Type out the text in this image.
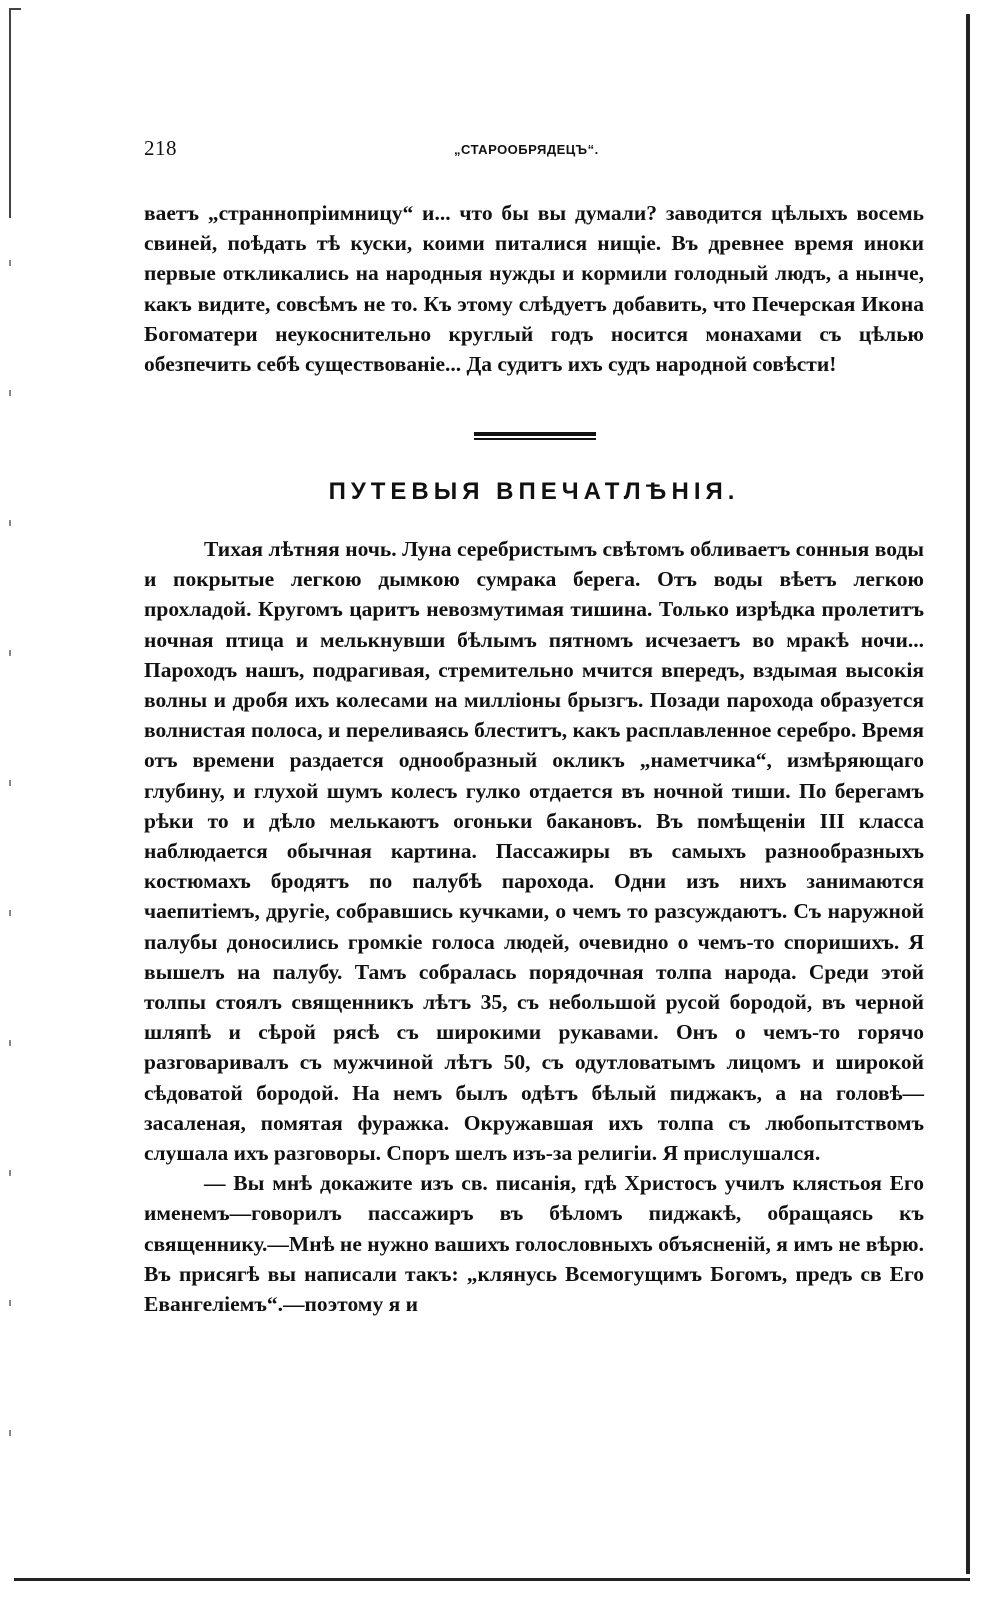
218	„СТАРООБРЯДЕЦЪ“.

ваетъ „страннопріимницу“ и... что бы вы думали? заводится цѣлыхъ восемь свиней, поѣдать тѣ куски, коими питалися нищіе. Въ древнее время иноки первые откликались на народныя нужды и кормили голодный людъ, а нынче, какъ видите, совсѣмъ не то. Къ этому слѣдуетъ добавить, что Печерская Икона Богоматери неукоснительно круглый годъ носится монахами съ цѣлью обезпечить себѣ существованіе... Да судитъ ихъ судъ народной совѣсти!

ПУТЕВЫЯ ВПЕЧАТЛѢНІЯ.

Тихая лѣтняя ночь. Луна серебристымъ свѣтомъ обливаетъ сонныя воды и покрытые легкою дымкою сумрака берега. Отъ воды вѣетъ легкою прохладой. Кругомъ царитъ невозмутимая тишина. Только изрѣдка пролетитъ ночная птица и мелькнувши бѣлымъ пятномъ исчезаетъ во мракѣ ночи... Пароходъ нашъ, подрагивая, стремительно мчится впередъ, вздымая высокія волны и дробя ихъ колесами на милліоны брызгъ. Позади парохода образуется волнистая полоса, и переливаясь блеститъ, какъ расплавленное серебро. Время отъ времени раздается однообразный окликъ „наметчика“, измѣряющаго глубину, и глухой шумъ колесъ гулко отдается въ ночной тиши. По берегамъ рѣки то и дѣло мелькаютъ огоньки бакановъ. Въ помѣщеніи III класса наблюдается обычная картина. Пассажиры въ самыхъ разнообразныхъ костюмахъ бродятъ по палубѣ парохода. Одни изъ нихъ занимаются чаепитіемъ, другіе, собравшись кучками, о чемъ то разсуждаютъ. Съ наружной палубы доносились громкіе голоса людей, очевидно о чемъ-то споришихъ. Я вышелъ на палубу. Тамъ собралась порядочная толпа народа. Среди этой толпы стоялъ священникъ лѣтъ 35, съ небольшой русой бородой, въ черной шляпѣ и сѣрой рясѣ съ широкими рукавами. Онъ о чемъ-то горячо разговаривалъ съ мужчиной лѣтъ 50, съ одутловатымъ лицомъ и широкой сѣдоватой бородой. На немъ былъ одѣтъ бѣлый пиджакъ, а на головѣ—засаленая, помятая фуражка. Окружавшая ихъ толпа съ любопытствомъ слушала ихъ разговоры. Споръ шелъ изъ-за религіи. Я прислушался.

— Вы мнѣ докажите изъ св. писанія, гдѣ Христосъ училъ клястьоя Его именемъ—говорилъ пассажиръ въ бѣломъ пиджакѣ, обращаясь къ священнику.—Мнѣ не нужно вашихъ голословныхъ объясненій, я имъ не вѣрю. Въ присягѣ вы написали такъ: „клянусь Всемогущимъ Богомъ, предъ св Его Евангеліемъ“.—поэтому я и
